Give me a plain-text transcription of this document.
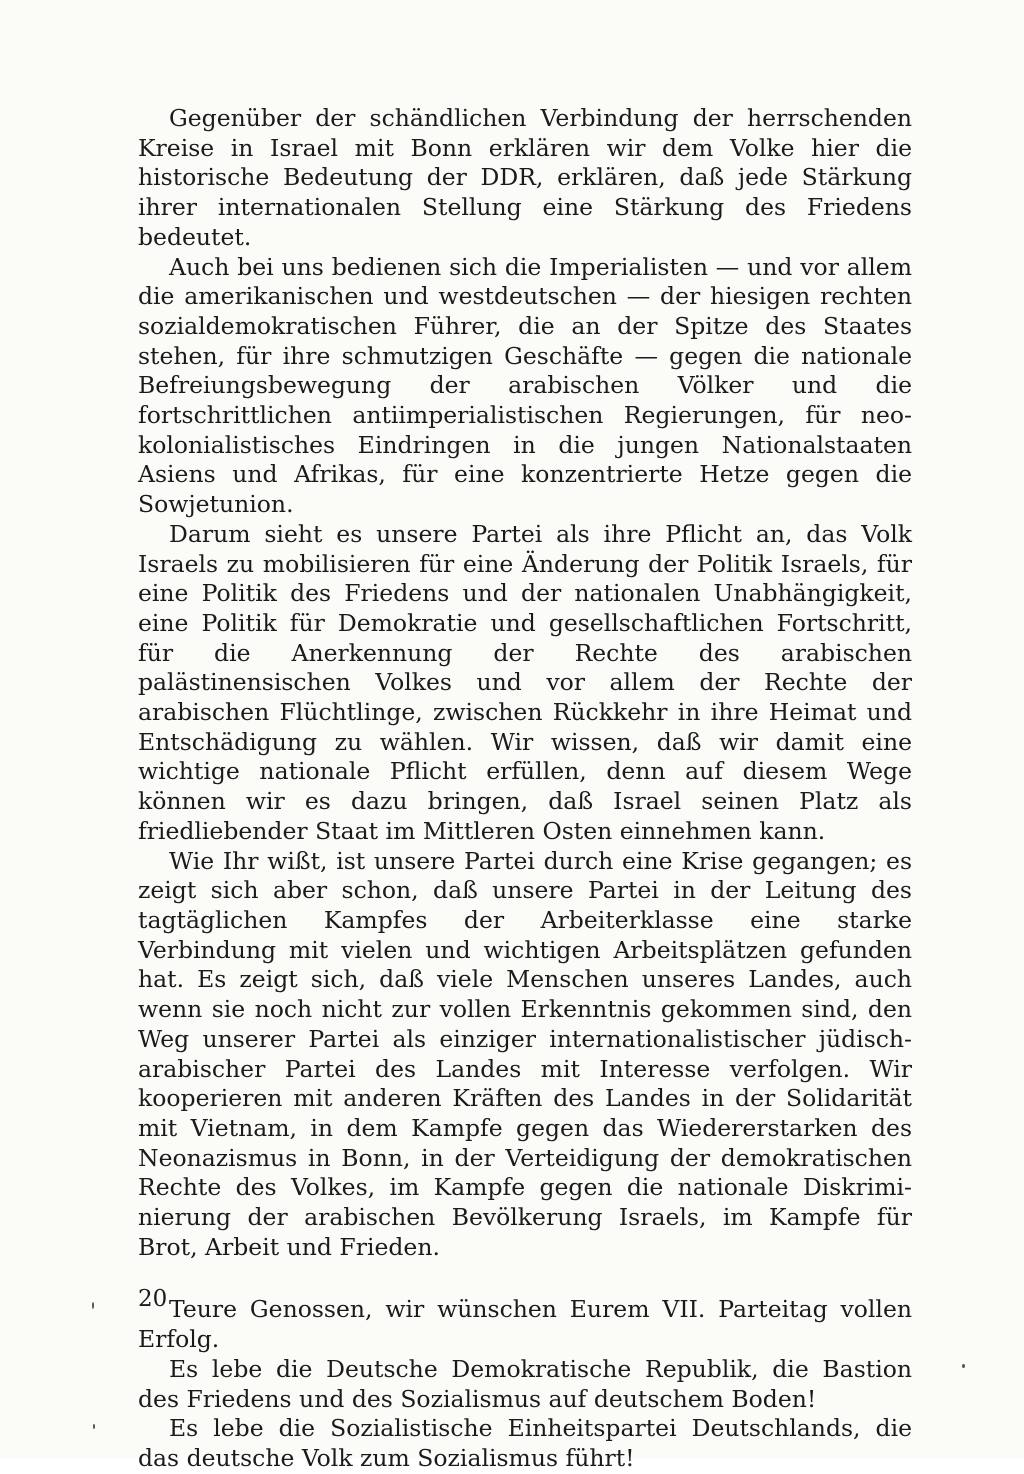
Gegenüber der schändlichen Verbindung der herrschenden Kreise in Israel mit Bonn erklären wir dem Volke hier die historische Bedeutung der DDR, erklären, daß jede Stärkung ihrer internationalen Stellung eine Stärkung des Friedens bedeutet.

Auch bei uns bedienen sich die Imperialisten — und vor allem die amerikanischen und westdeutschen — der hiesigen rechten sozialdemokratischen Führer, die an der Spitze des Staates stehen, für ihre schmutzigen Geschäfte — gegen die nationale Befreiungsbewegung der arabischen Völker und die fortschrittlichen antiimperialistischen Regierungen, für neokolonialistisches Eindringen in die jungen Nationalstaaten Asiens und Afrikas, für eine konzentrierte Hetze gegen die Sowjetunion.

Darum sieht es unsere Partei als ihre Pflicht an, das Volk Israels zu mobilisieren für eine Änderung der Politik Israels, für eine Politik des Friedens und der nationalen Unabhängigkeit, eine Politik für Demokratie und gesellschaftlichen Fortschritt, für die Anerkennung der Rechte des arabischen palästinensischen Volkes und vor allem der Rechte der arabischen Flüchtlinge, zwischen Rückkehr in ihre Heimat und Entschädigung zu wählen. Wir wissen, daß wir damit eine wichtige nationale Pflicht erfüllen, denn auf diesem Wege können wir es dazu bringen, daß Israel seinen Platz als friedliebender Staat im Mittleren Osten einnehmen kann.

Wie Ihr wißt, ist unsere Partei durch eine Krise gegangen; es zeigt sich aber schon, daß unsere Partei in der Leitung des tagtäglichen Kampfes der Arbeiterklasse eine starke Verbindung mit vielen und wichtigen Arbeitsplätzen gefunden hat. Es zeigt sich, daß viele Menschen unseres Landes, auch wenn sie noch nicht zur vollen Erkenntnis gekommen sind, den Weg unserer Partei als einziger internationalistischer jüdisch-arabischer Partei des Landes mit Interesse verfolgen. Wir kooperieren mit anderen Kräften des Landes in der Solidarität mit Vietnam, in dem Kampfe gegen das Wiedererstarken des Neonazismus in Bonn, in der Verteidigung der demokratischen Rechte des Volkes, im Kampfe gegen die nationale Diskriminierung der arabischen Bevölkerung Israels, im Kampfe für Brot, Arbeit und Frieden.

Teure Genossen, wir wünschen Eurem VII. Parteitag vollen Erfolg.

Es lebe die Deutsche Demokratische Republik, die Bastion des Friedens und des Sozialismus auf deutschem Boden!

Es lebe die Sozialistische Einheitspartei Deutschlands, die das deutsche Volk zum Sozialismus führt!

20
